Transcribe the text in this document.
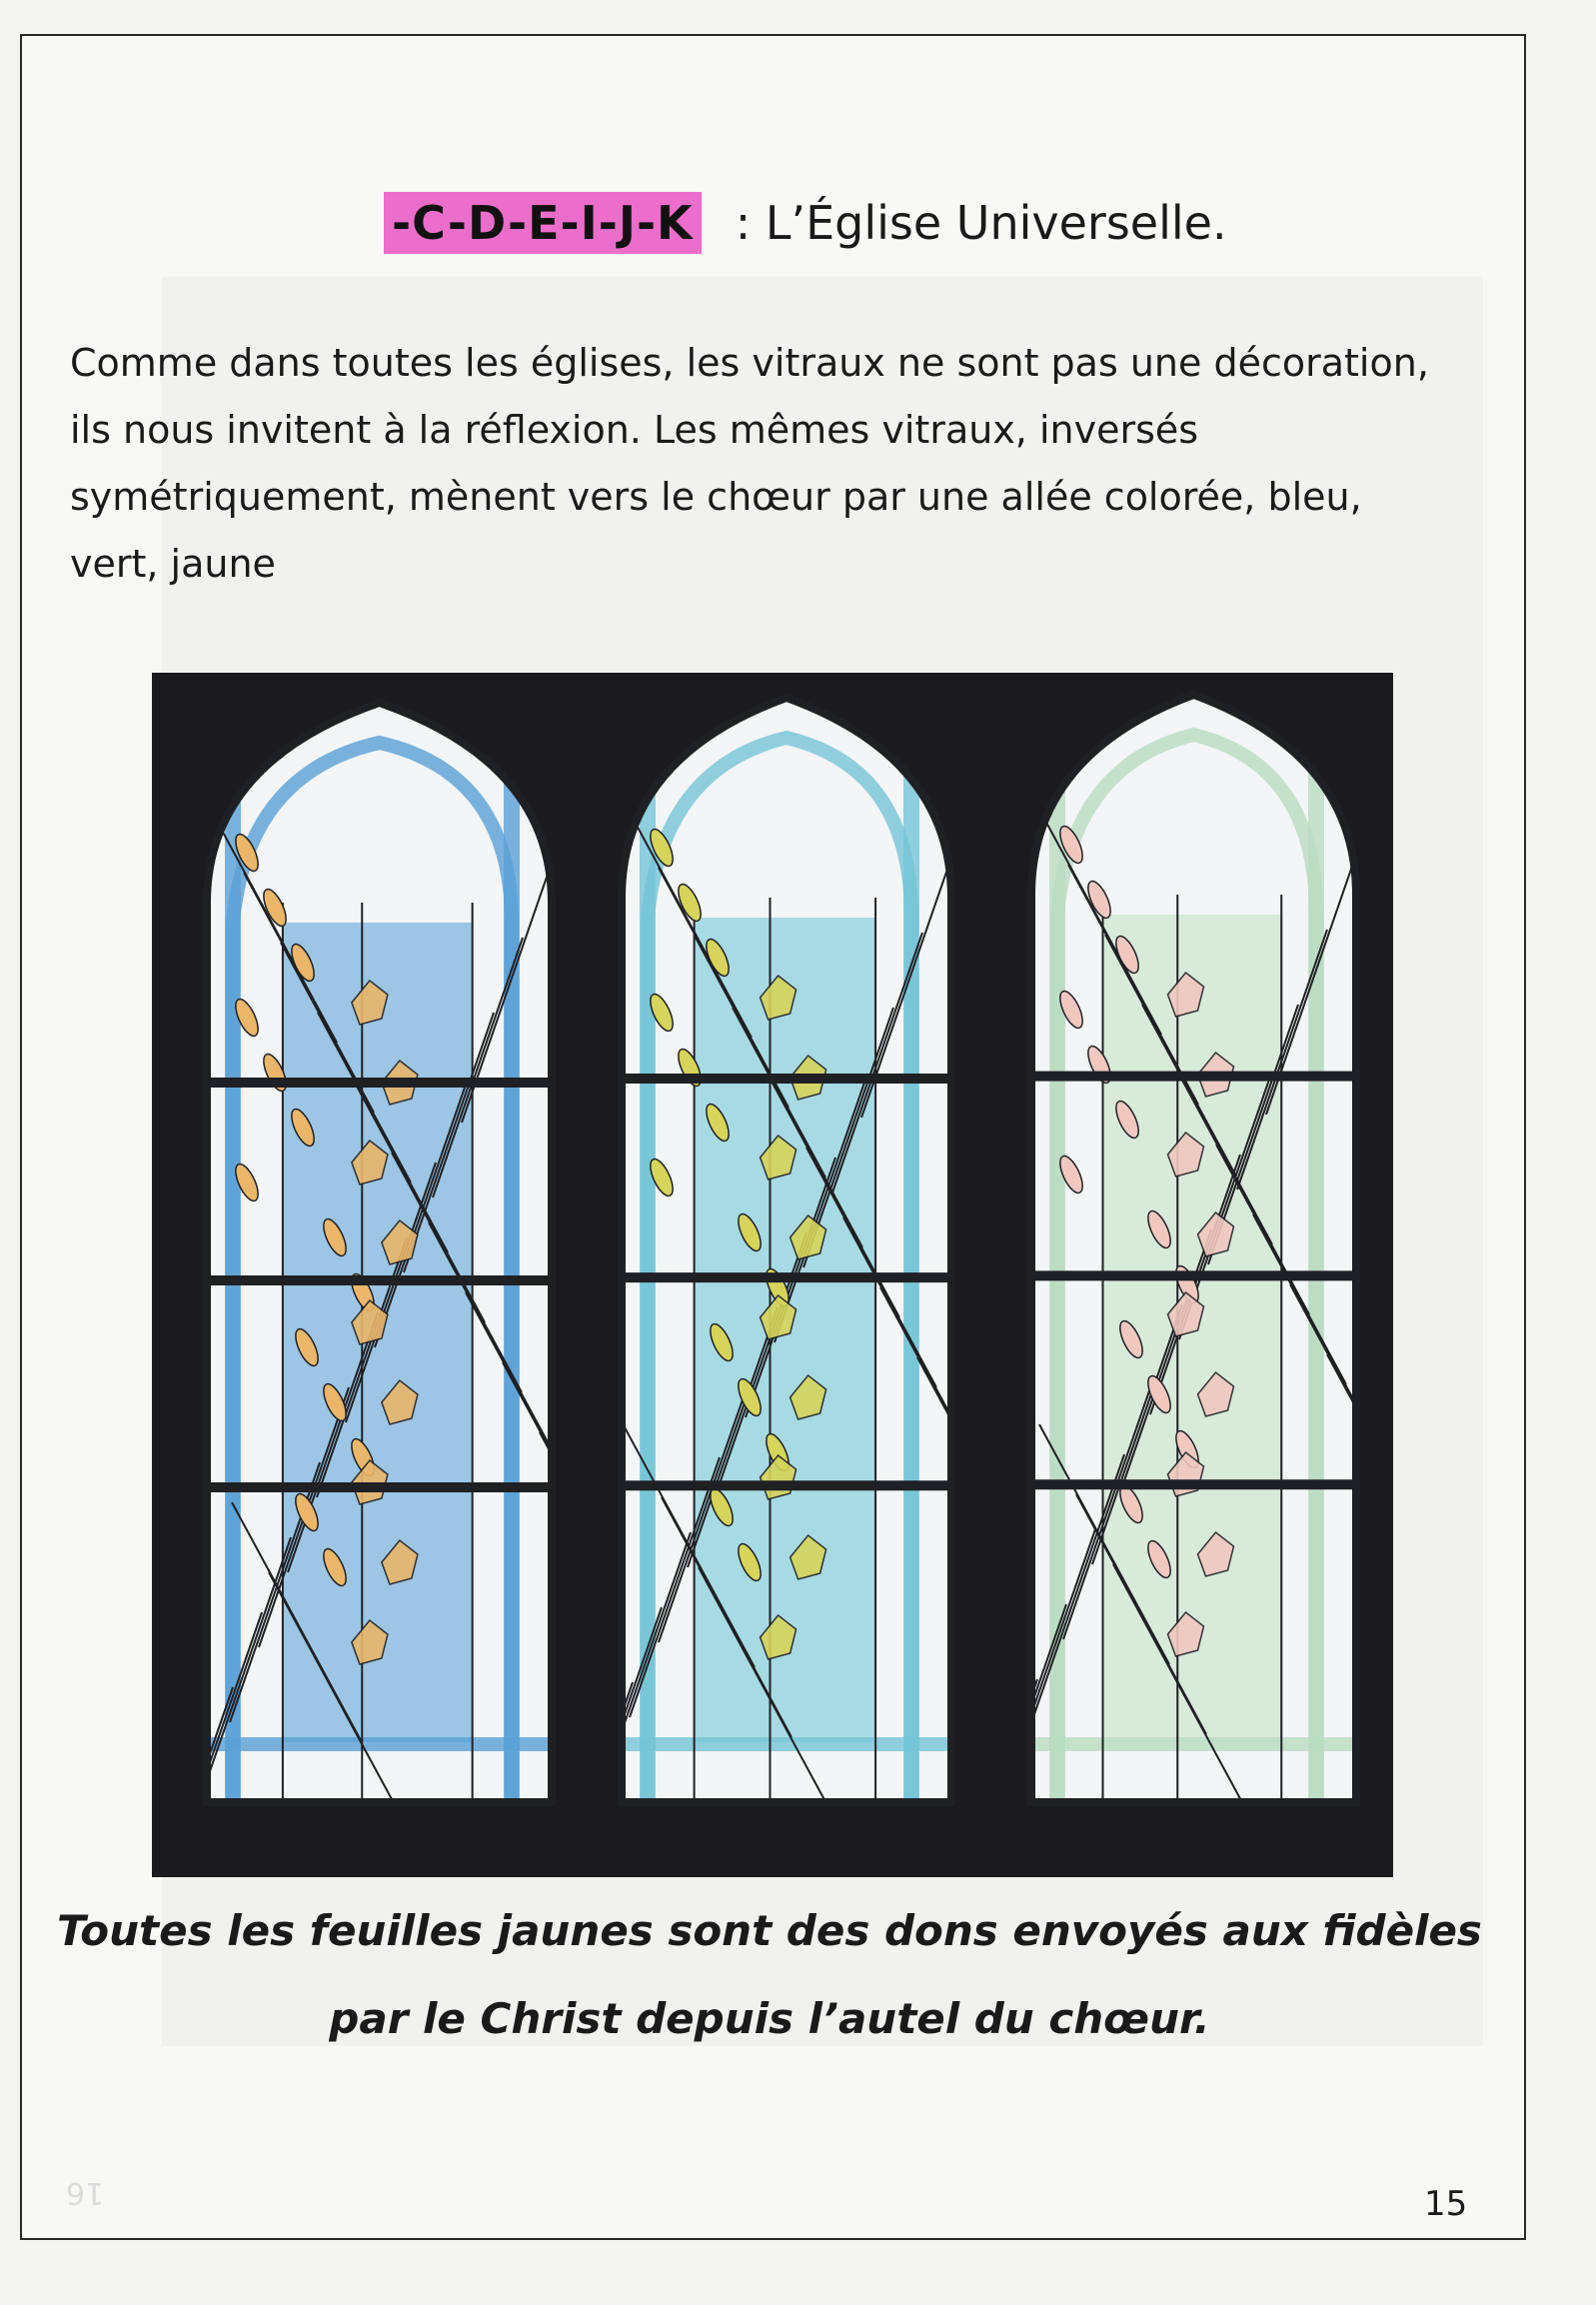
-C-D-E-I-J-K : L’Église Universelle.

Comme dans toutes les églises, les vitraux ne sont pas une décoration,
ils nous invitent à la réflexion. Les mêmes vitraux, inversés
symétriquement, mènent vers le chœur par une allée colorée, bleu,
vert, jaune

Toutes les feuilles jaunes sont des dons envoyés aux fidèles
par le Christ depuis l’autel du chœur.

16	15
